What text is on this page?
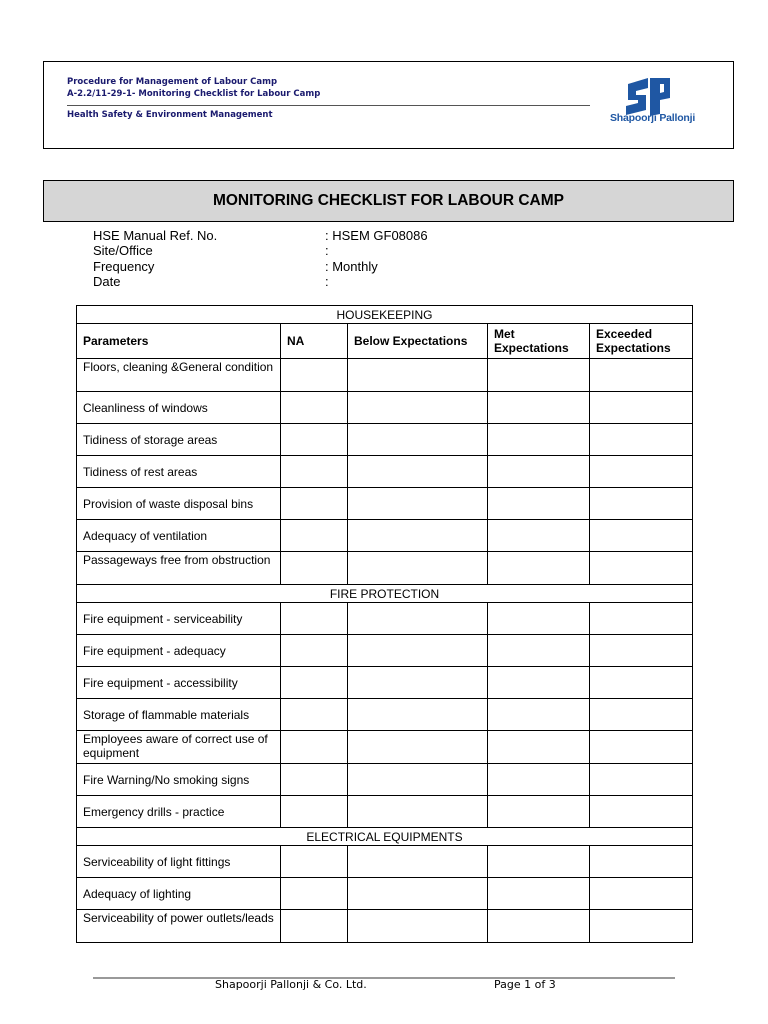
Procedure for Management of Labour Camp
A-2.2/11-29-1- Monitoring Checklist for Labour Camp
Health Safety & Environment Management	Shapoorji Pallonji
MONITORING CHECKLIST FOR LABOUR CAMP
HSE Manual Ref. No.	: HSEM GF08086
Site/Office	:
Frequency	: Monthly
Date	:
HOUSEKEEPING				
Parameters	NA	Below Expectations	Met Expectations	Exceeded Expectations
Floors, cleaning &General condition				
Cleanliness of windows				
Tidiness of storage areas				
Tidiness of rest areas				
Provision of waste disposal bins				
Adequacy of ventilation				
Passageways free from obstruction				
FIRE PROTECTION				
Fire equipment - serviceability				
Fire equipment - adequacy				
Fire equipment - accessibility				
Storage of flammable materials				
Employees aware of correct use of equipment				
Fire Warning/No smoking signs				
Emergency drills - practice				
ELECTRICAL EQUIPMENTS				
Serviceability of light fittings				
Adequacy of lighting				
Serviceability of power outlets/leads				
Shapoorji Pallonji & Co. Ltd.	Page 1 of 3
